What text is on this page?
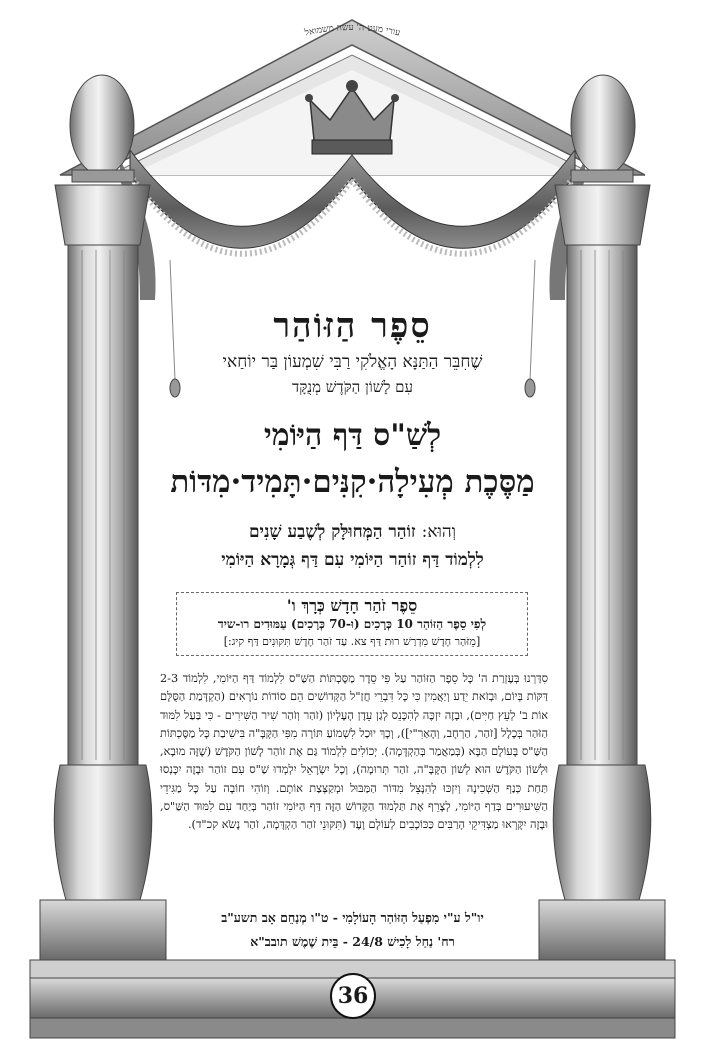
עורי מעט ה' עשה משמואל
סֵפֶר הַזּוֹהַר
שֶׁחִבֵּר הַתַּנָּא הָאֱלֹקִי רַבִּי שִׁמְעוֹן בַּר יוֹחַאי
עִם לָשׁוֹן הַקֹּדֶשׁ מְנֻקָּד
לְשַׁ"ס דַּף הַיּוֹמִי
מַסֶּכֶת מְעִילָה·קִנִּים·תָּמִיד·מִדּוֹת
וְהוּא: זוֹהַר הַמְּחוּלָּק לְשֶׁבַע שָׁנִים
לִלְמוֹד דַּף זוֹהַר הַיּוֹמִי עִם דַּף גְּמָרָא הַיּוֹמִי
סֵפֶר זֹהַר חָדָשׁ כְּרָךְ ו'
לְפִי סֵפֶר הַזּוֹהַר 10 כְּרָכִים (וּ-70 כְּרָכִים) עַמּוּדִים רו-שיד
[מֵזֹּהַר חָדָשׁ מִדְרַשׁ רוּת דַּף צא. עַד זֹהַר חָדָשׁ תִּקּוּנִים דַּף קיג:]

סִדַּרְנוּ בְּעֶזְרַת ה' כָּל סֵפֶר הַזּוֹהַר עַל פִּי סֵדֶר מַסֶּכְתּוֹת הַשַּׁ"ס לִלְמוֹד דַּף הַיּוֹמִי, לִלְמוֹד 2-3 דַּקּוֹת בְּיוֹם, וּבְזֹאת יֵדַע וְיַאֲמִין כִּי כָּל דִּבְרֵי חֲזַ"ל הַקְּדוֹשִׁים הֵם סוֹדוֹת נוֹרָאִים (הַקְדָּמַת הַסֻּלָּם אוֹת ב' לְעֵץ חַיִּים), וּבָזֶה יִזְכֶּה לְהִכָּנֵס לְגַן עֵדֶן הָעֶלְיוֹן (זֹהַר וְזֹהַר שִׁיר הַשִּׁירִים - כִּי בַּעַל לִמּוּד הַזֹּהַר בְּכָלָל [זֹהַר, הַרְחָב, וְהָאַרִ"י]), וְכָךְ יוּכַל לִשְׁמוֹעַ תּוֹרָה מִפִּי הַקָּבָּ"ה בִּישִׁיבַת כָּל מַסֶּכְתּוֹת הַשַּׁ"ס בָּעוֹלָם הַבָּא (בְּמַאֲמַר בְּהַקְדָּמָה). יְכוֹלִים לִלְמוֹד גַּם אֶת זוֹהַר לָשׁוֹן הַקֹּדֶשׁ (שֶׁזֶּה מוּבָא, וּלְשׁוֹן הַקֹּדֶשׁ הוּא לְשׁוֹן הַקָּבָּ"ה, זֹהַר תְּרוּמָה), וְכָל יִשְׂרָאֵל יִלְמְדוּ שַׁ"ס עִם זוֹהַר וּבָזֶה יִכָּנְסוּ תַּחַת כְּנַף הַשְּׁכִינָה וְיִזְכּוּ לְהִנָּצֵל מִדּוֹר הַמַּבּוּל וּמְקַצְּצַת אוֹתָם. וְזוֹהִי חוֹבָה עַל כָּל מַגִּידֵי הַשִּׁיעוּרִים בְּדַף הַיּוֹמִי, לְצָרֵף אֶת תַּלְמוּד הַקָּדוֹשׁ הַזֶּה דַּף הַיּוֹמִי זוֹהַר בְּיַחַד עִם לִמּוּד הַשַּׁ"ס, וּבָזֶה יִקָּרְאוּ מַצְדִּיקֵי הָרַבִּים כַּכּוֹכָבִים לְעוֹלָם וָעֶד (תִּקּוּנֵי זֹהַר הַקְדָּמָה, זֹהַר נָשֹׂא קכ"ד).

יו"ל ע"י מִפְעַל הַזּוֹהַר הָעוֹלָמִי - ט"ו מְנַחֵם אָב תשע"ב
רח' נַחַל לָכִישׁ 24/8 - בֵּית שֶׁמֶשׁ תובב"א
36
